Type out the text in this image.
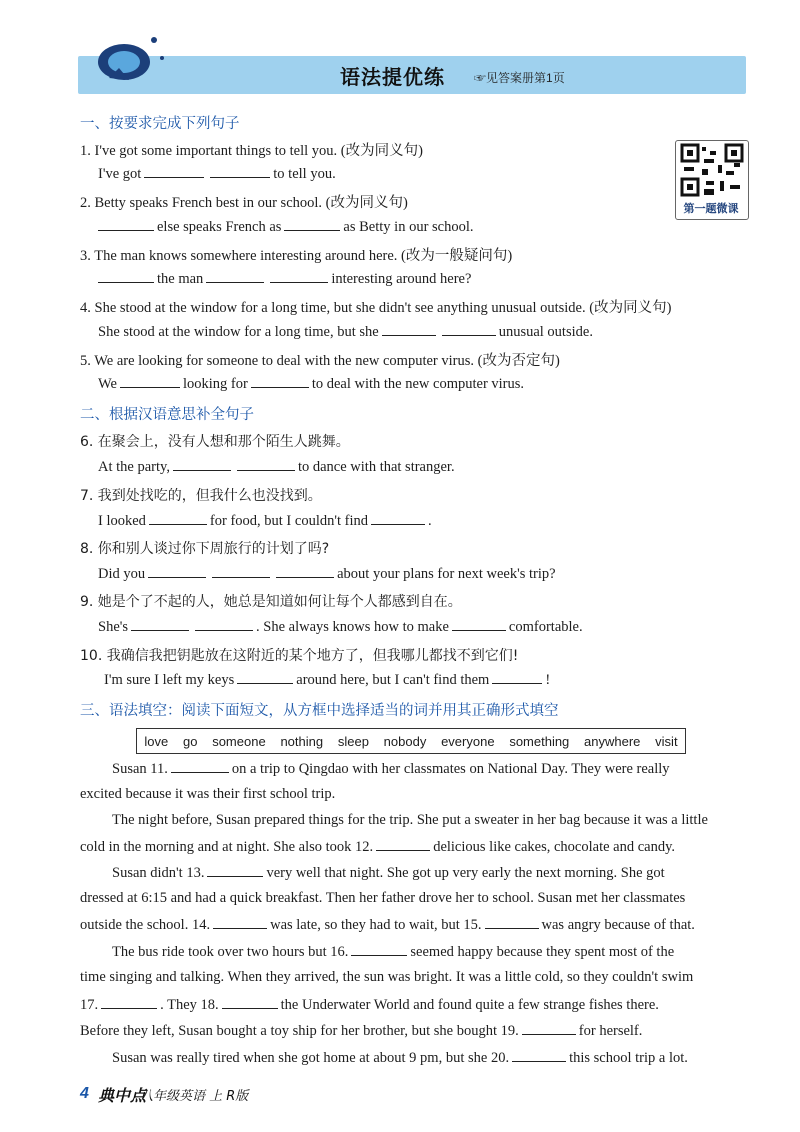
语法提优练 ☞见答案册第1页
第一题微课
一、按要求完成下列句子
1. I've got some important things to tell you. (改为同义句)
I've got	to tell you.
2. Betty speaks French best in our school. (改为同义句)
else speaks French as	as Betty in our school.
3. The man knows somewhere interesting around here. (改为一般疑问句)
the man	interesting around here?
4. She stood at the window for a long time, but she didn't see anything unusual outside. (改为同义句)
She stood at the window for a long time, but she	unusual outside.
5. We are looking for someone to deal with the new computer virus. (改为否定句)
We	looking for	to deal with the new computer virus.
二、根据汉语意思补全句子
6. 在聚会上，没有人想和那个陌生人跳舞。
At the party,	to dance with that stranger.
7. 我到处找吃的，但我什么也没找到。
I looked	for food, but I couldn't find	.
8. 你和别人谈过你下周旅行的计划了吗?
Did you	about your plans for next week's trip?
9. 她是个了不起的人，她总是知道如何让每个人都感到自在。
She's	. She always knows how to make	comfortable.
10. 我确信我把钥匙放在这附近的某个地方了，但我哪儿都找不到它们!
I'm sure I left my keys	around here, but I can't find them	!
三、语法填空：阅读下面短文，从方框中选择适当的词并用其正确形式填空
love go someone nothing sleep nobody everyone something anywhere visit
Susan 11.	on a trip to Qingdao with her classmates on National Day. They were really
excited because it was their first school trip.
The night before, Susan prepared things for the trip. She put a sweater in her bag because it was a little
cold in the morning and at night. She also took 12.	delicious like cakes, chocolate and candy.
Susan didn't 13.	very well that night. She got up very early the next morning. She got
dressed at 6:15 and had a quick breakfast. Then her father drove her to school. Susan met her classmates
outside the school. 14.	was late, so they had to wait, but 15.	was angry because of that.
The bus ride took over two hours but 16.	seemed happy because they spent most of the
time singing and talking. When they arrived, the sun was bright. It was a little cold, so they couldn't swim
17.	. They 18.	the Underwater World and found quite a few strange fishes there.
Before they left, Susan bought a toy ship for her brother, but she bought 19.	for herself.
Susan was really tired when she got home at about 9 pm, but she 20.	this school trip a lot.
4 典中点
八年级英语 上 R版
